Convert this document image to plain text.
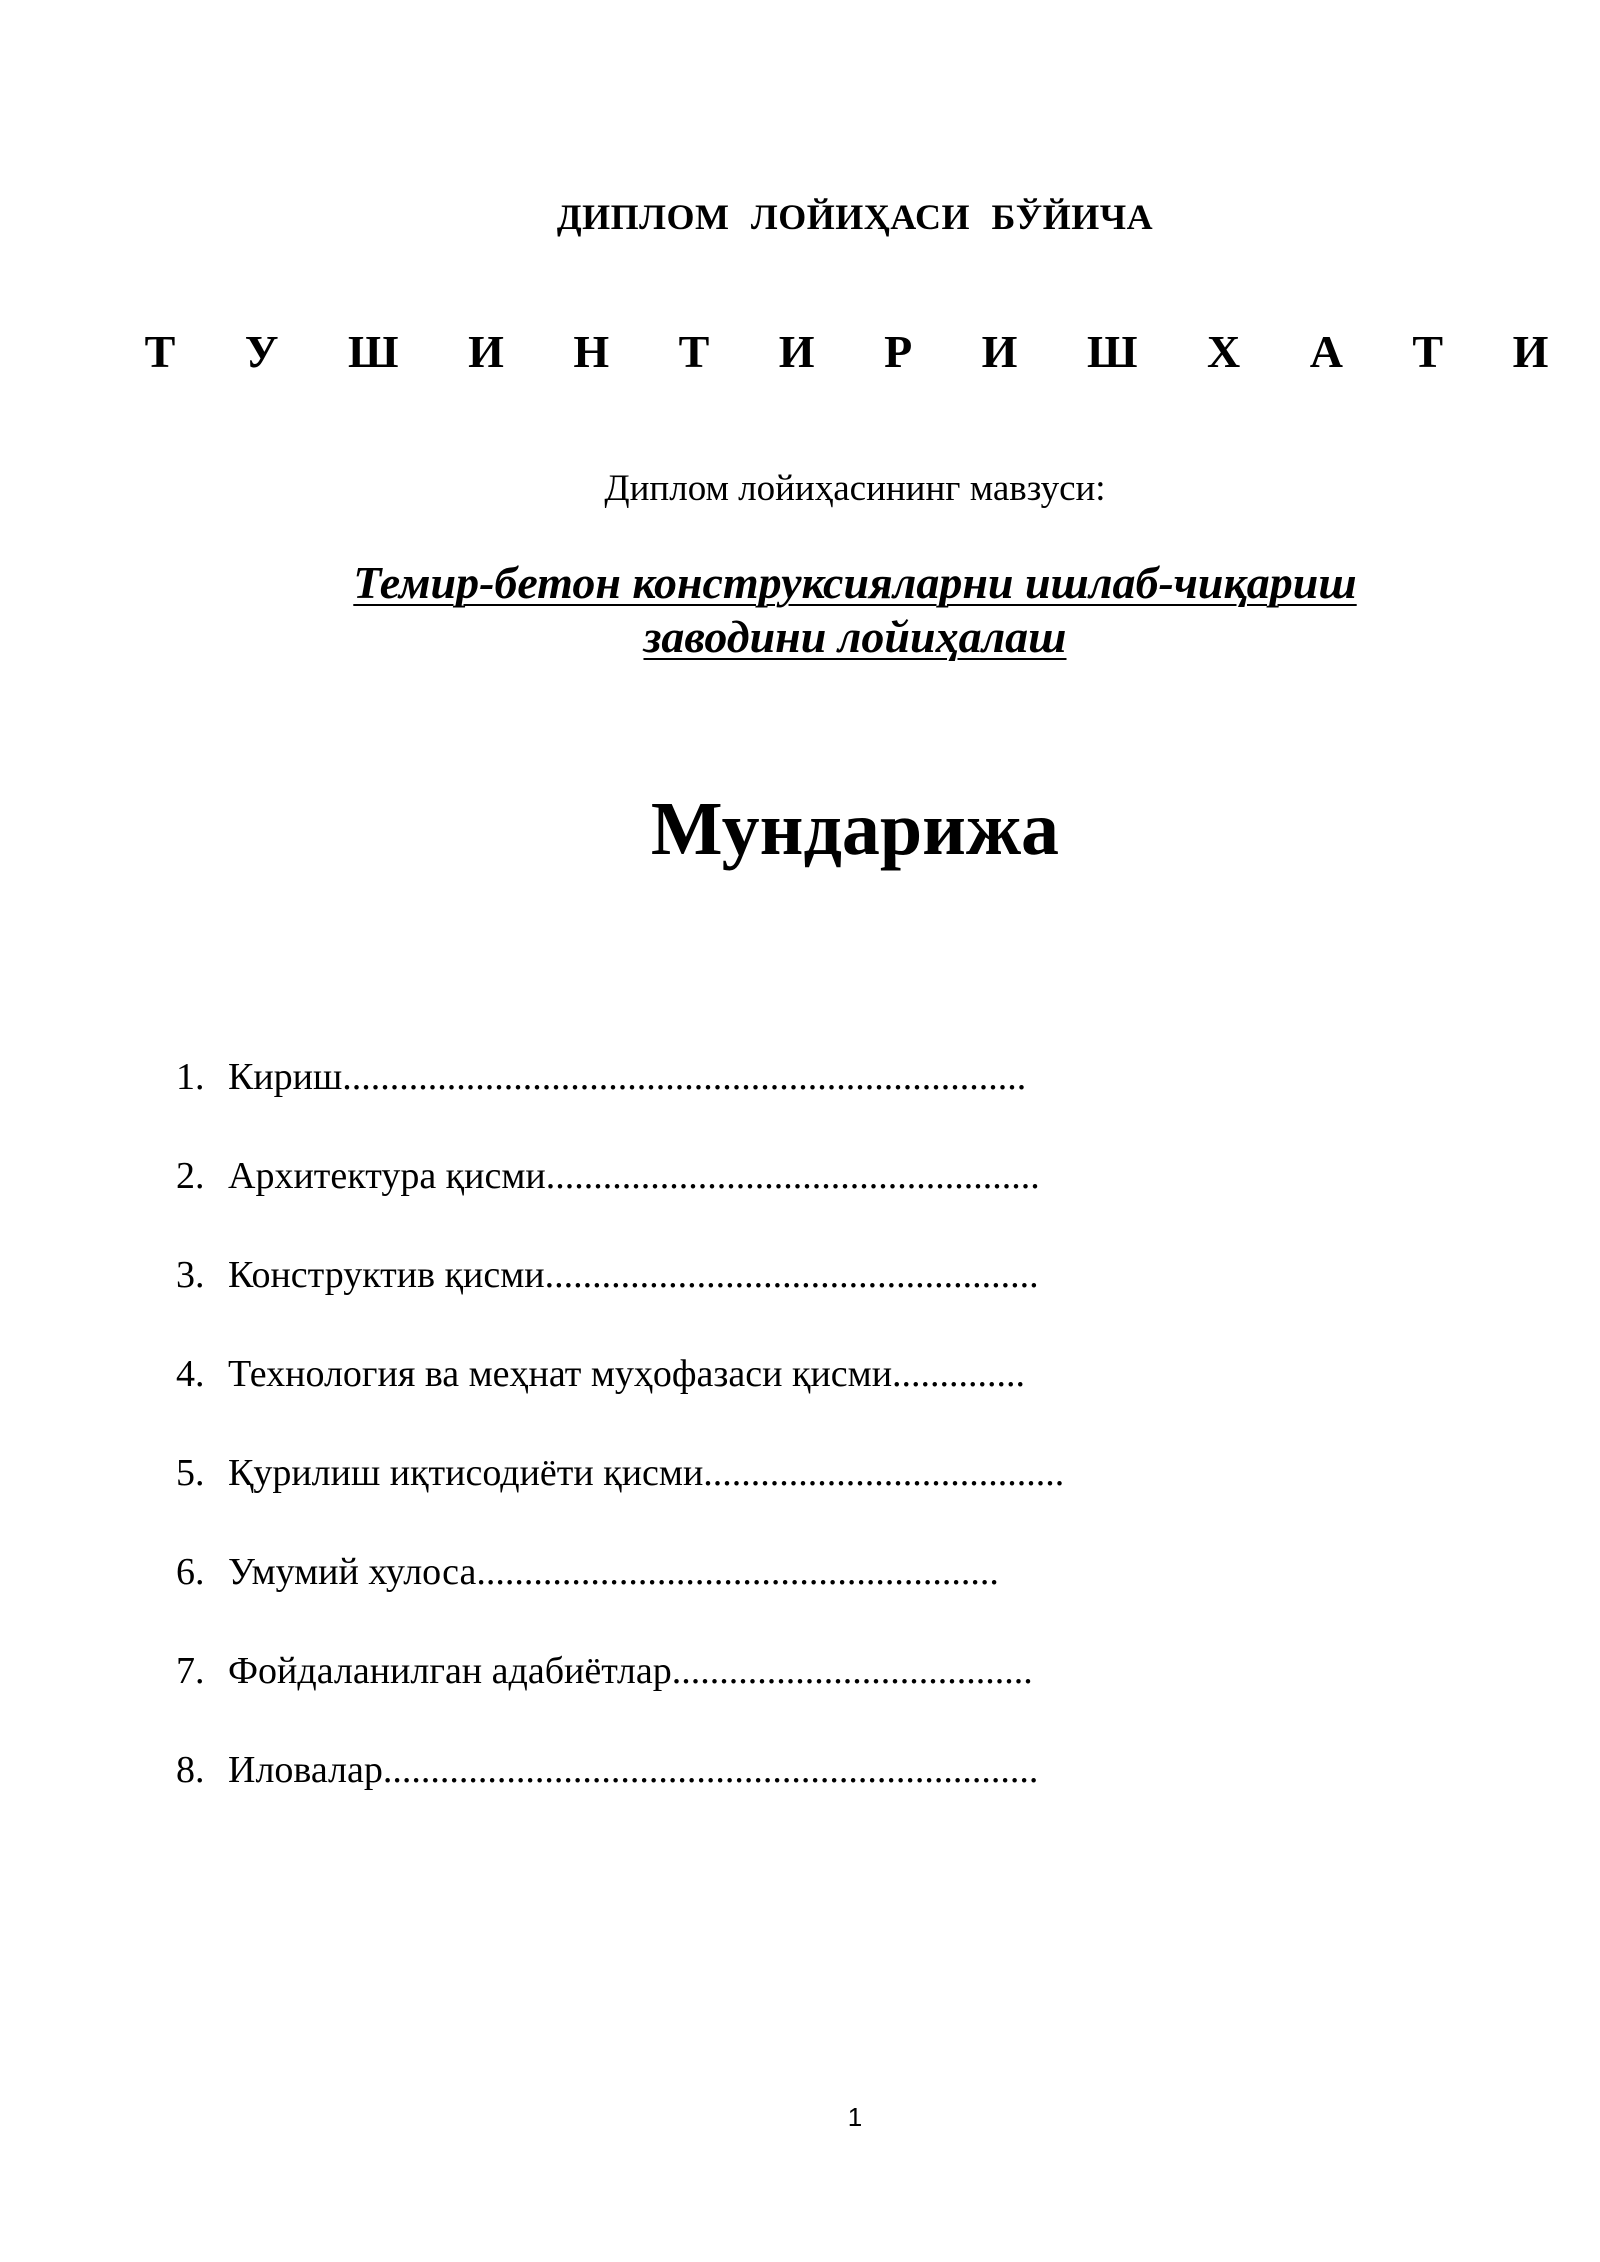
ДИПЛОМ ЛОЙИҲАСИ БЎЙИЧА
Т У Ш И Н Т И Р И Ш Х А Т И
Диплом лойиҳасининг мавзуси:
Темир-бетон конструксияларни ишлаб-чиқариш
заводини лойиҳалаш
Мундарижа
1. Кириш........................................................................
2. Архитектура қисми....................................................
3. Конструктив қисми....................................................
4. Технология ва меҳнат муҳофазаси қисми..............
5. Қурилиш иқтисодиёти қисми......................................
6. Умумий хулоса.......................................................
7. Фойдаланилган адабиётлар......................................
8. Иловалар.....................................................................
1
